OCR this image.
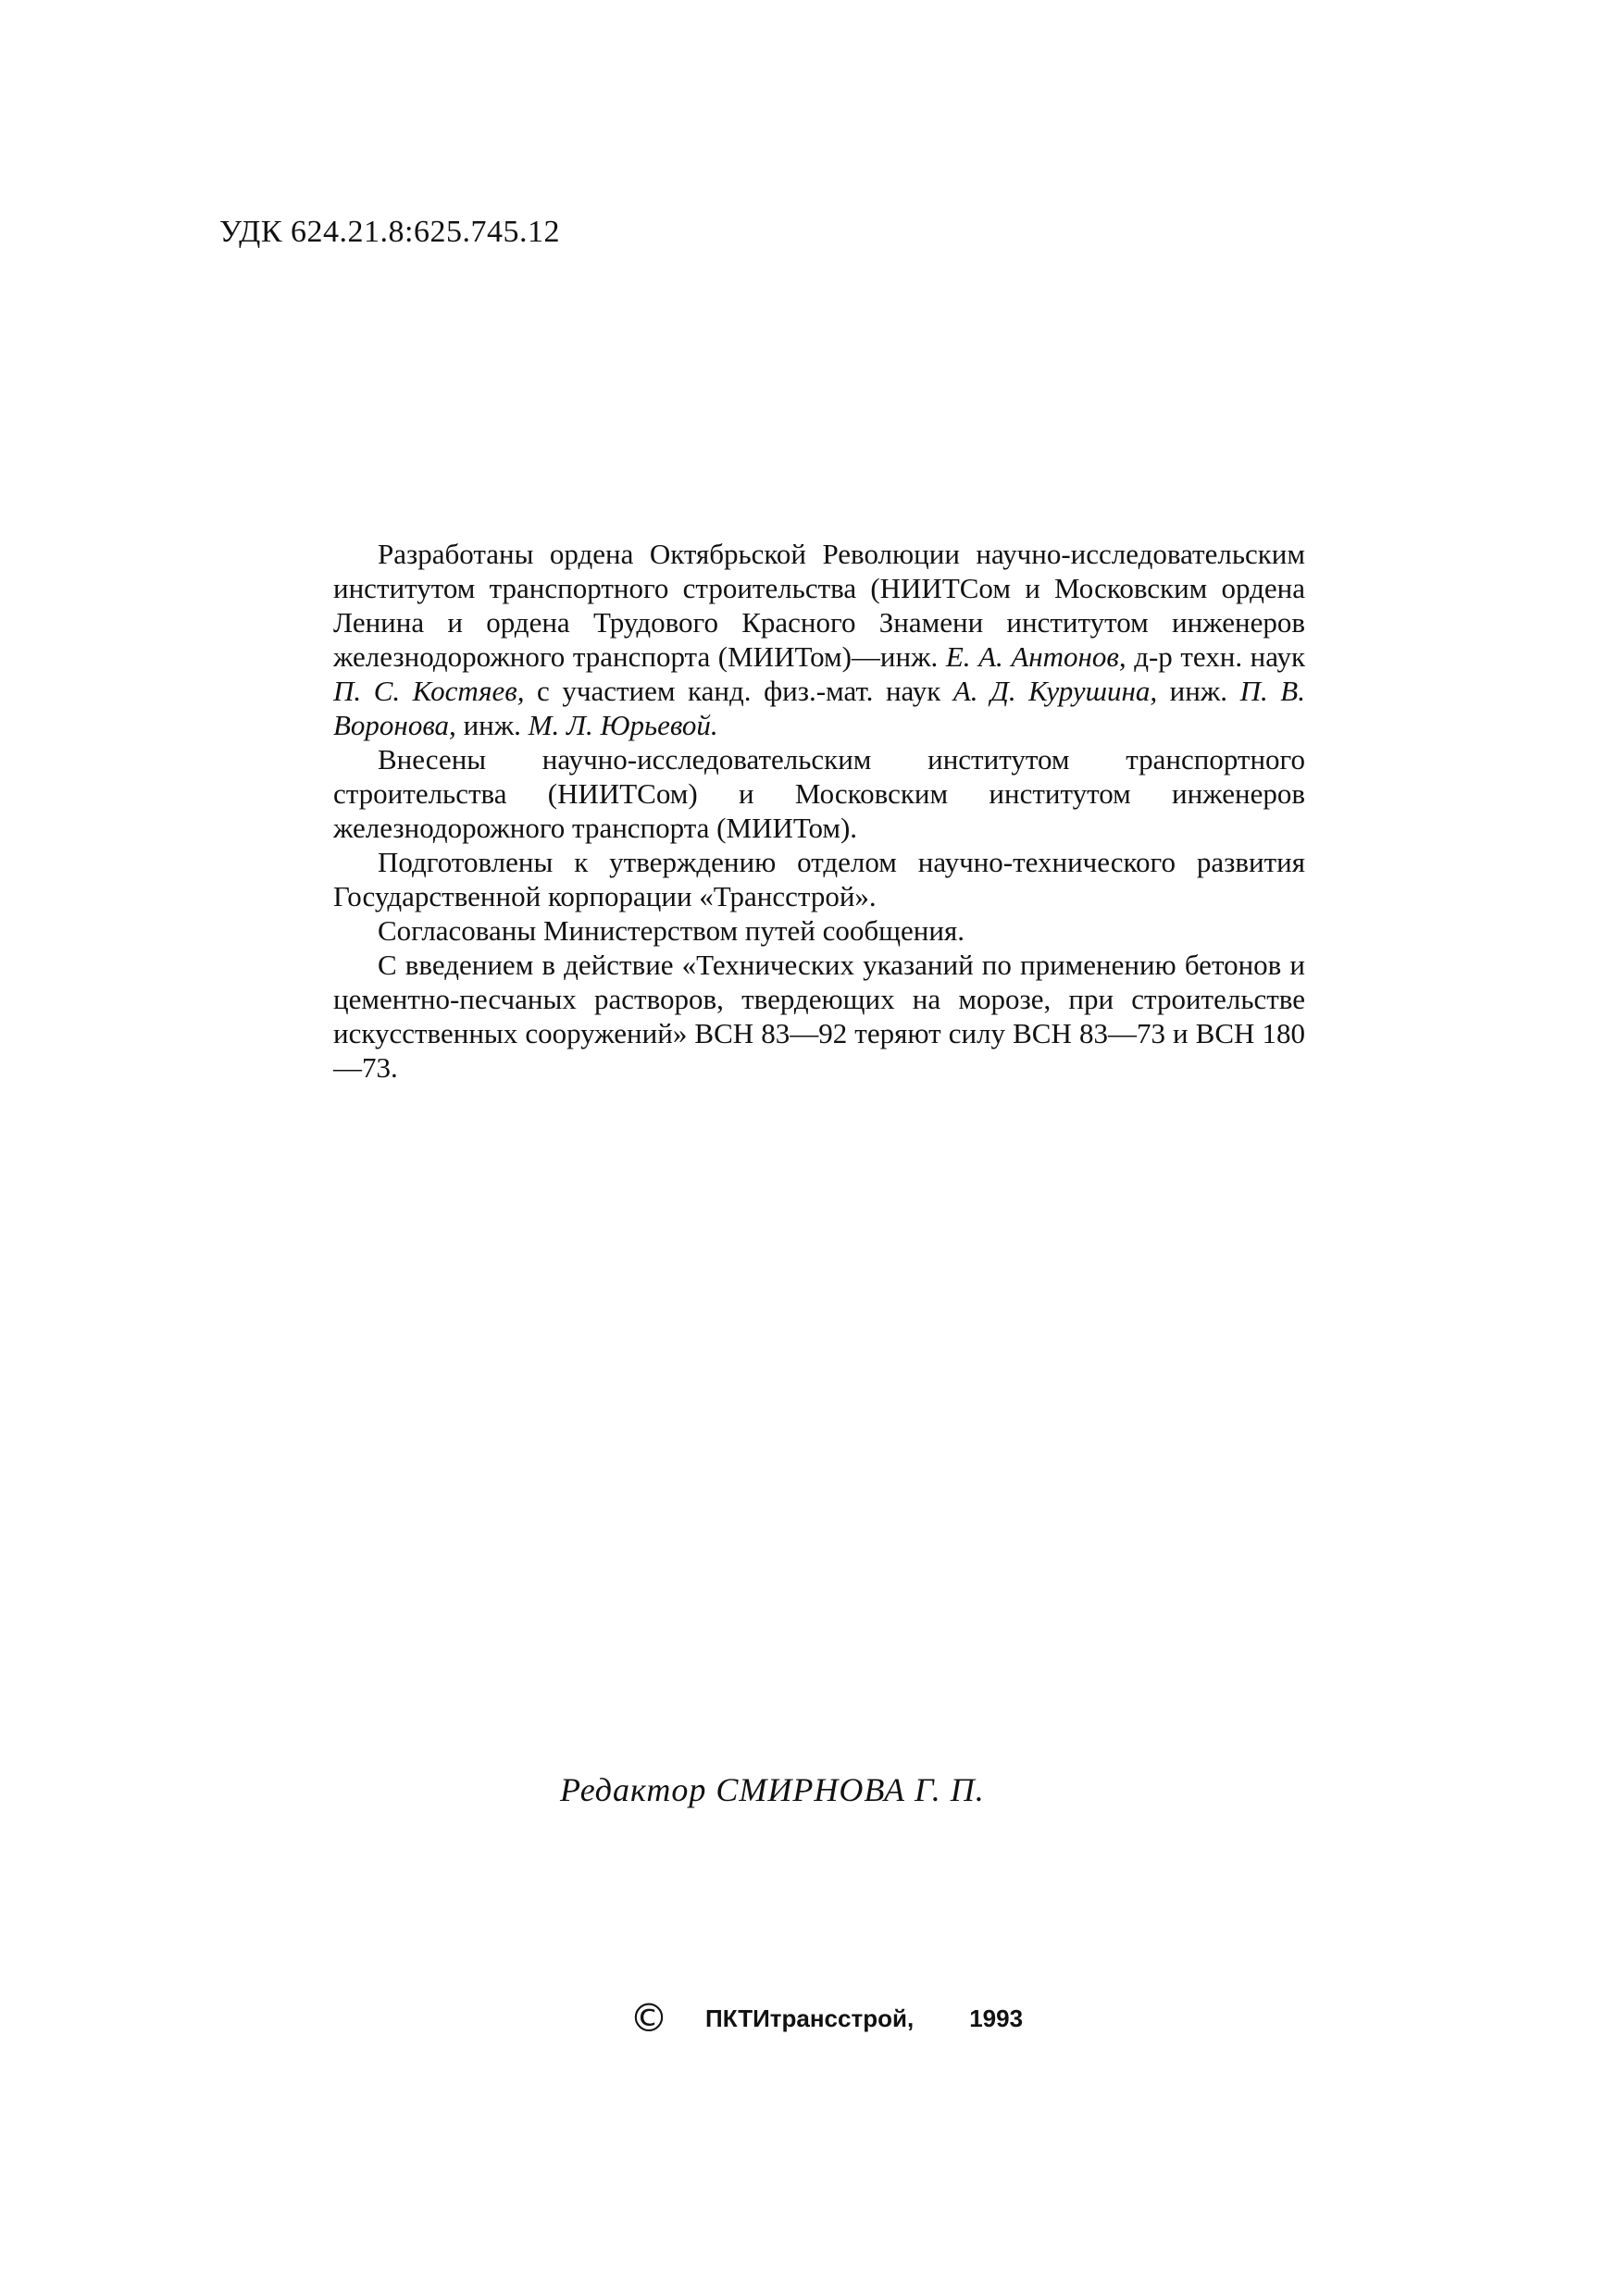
УДК 624.21.8:625.745.12

Разработаны ордена Октябрьской Революции научно-исследовательским институтом транспортного строительства (НИИТСом и Московским ордена Ленина и ордена Трудового Красного Знамени институтом инженеров железнодорожного транспорта (МИИТом)—инж. Е. А. Антонов, д-р техн. наук П. С. Костяев, с участием канд. физ.-мат. наук А. Д. Курушина, инж. П. В. Воронова, инж. М. Л. Юрьевой.

Внесены научно-исследовательским институтом транспортного строительства (НИИТСом) и Московским институтом инженеров железнодорожного транспорта (МИИТом).

Подготовлены к утверждению отделом научно-технического развития Государственной корпорации «Трансстрой».

Согласованы Министерством путей сообщения.

С введением в действие «Технических указаний по применению бетонов и цементно-песчаных растворов, твердеющих на морозе, при строительстве искусственных сооружений» ВСН 83—92 теряют силу ВСН 83—73 и ВСН 180—73.

Редактор СМИРНОВА Г. П.
© ПКТИтрансстрой, 1993
